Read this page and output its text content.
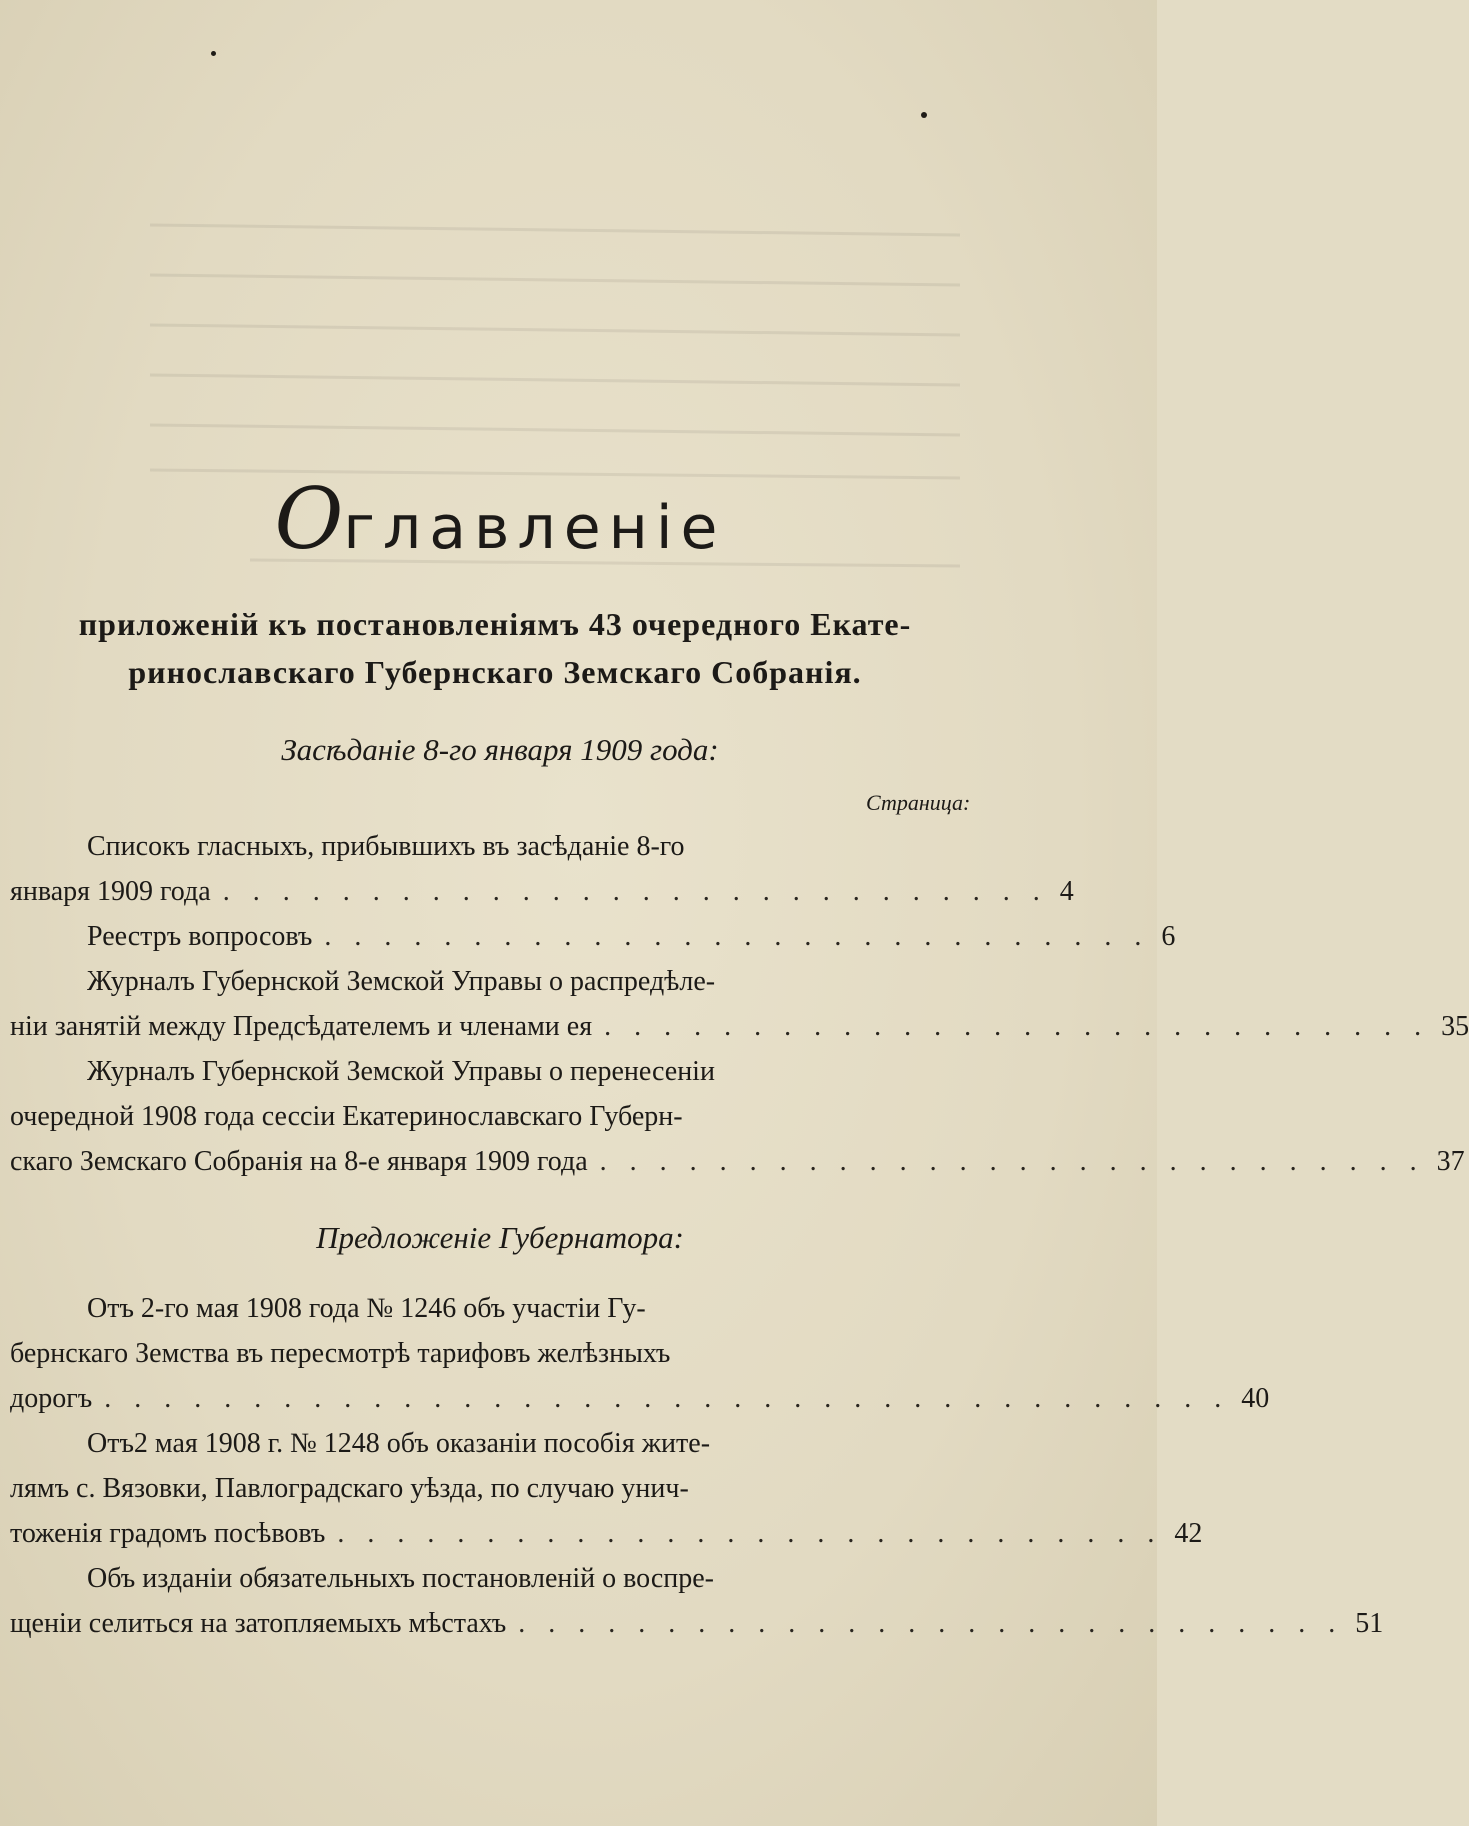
Оглавленіе
приложеній къ постановленіямъ 43 очередного Екате-
ринославскаго Губернскаго Земскаго Собранія.
Засѣданіе 8-го января 1909 года:
Страница:
Списокъ гласныхъ, прибывшихъ въ засѣданіе 8-го
января 1909 года . . . . . . . . . . . . . . . . . . . . . . . . . . . . 4
Реестръ вопросовъ . . . . . . . . . . . . . . . . . . . . . . . . . . . . 6
Журналъ Губернской Земской Управы о распредѣле-
ніи занятій между Предсѣдателемъ и членами ея . . . . . . . . . . . . . . . . . . . . . . . . . . . . 35
Журналъ Губернской Земской Управы о перенесеніи
очередной 1908 года сессіи Екатеринославскаго Губерн-
скаго Земскаго Собранія на 8-е января 1909 года . . . . . . . . . . . . . . . . . . . . . . . . . . . . 37
Предложеніе Губернатора:
Отъ 2-го мая 1908 года № 1246 объ участіи Гу-
бернскаго Земства въ пересмотрѣ тарифовъ желѣзныхъ
дорогъ . . . . . . . . . . . . . . . . . . . . . . . . . . . . . . . . . . . . . . 40
Отъ2 мая 1908 г. № 1248 объ оказаніи пособія жите-
лямъ с. Вязовки, Павлоградскаго уѣзда, по случаю унич-
тоженія градомъ посѣвовъ . . . . . . . . . . . . . . . . . . . . . . . . . . . . 42
Объ изданіи обязательныхъ постановленій о воспре-
щеніи селиться на затопляемыхъ мѣстахъ . . . . . . . . . . . . . . . . . . . . . . . . . . . . 51
